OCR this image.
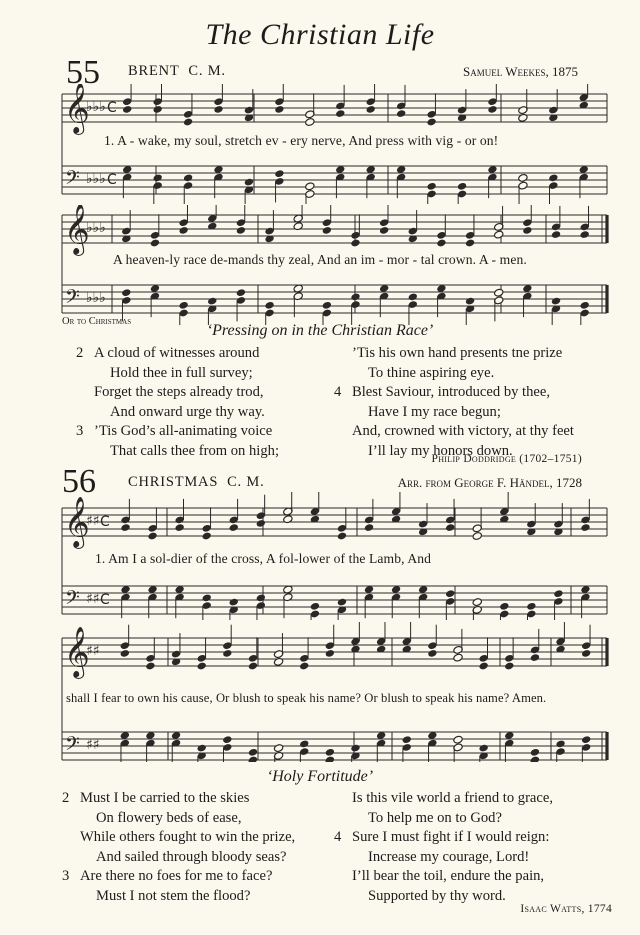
The Christian Life
55 BRENT C. M.	Samuel Weekes, 1875
𝄞
𝄢
♭♭♭
♭♭♭
C
C
1. A - wake, my soul, stretch ev - ery nerve, And press with vig - or on!
𝄞
𝄢
♭♭♭
♭♭♭
A heaven-ly race de-mands thy zeal, And an im - mor - tal crown. A - men.
Or to Christmas
‘Pressing on in the Christian Race’
2 A cloud of witnesses around
Hold thee in full survey;
Forget the steps already trod,
And onward urge thy way.
3 ’Tis God’s all-animating voice
That calls thee from on high;
’Tis his own hand presents tne prize
To thine aspiring eye.
4 Blest Saviour, introduced by thee,
Have I my race begun;
And, crowned with victory, at thy feet
I’ll lay my honors down.
Philip Doddridge (1702–1751)
56 CHRISTMAS C. M.	Arr. from George F. Händel, 1728
𝄞
𝄢
♯♯
♯♯
C
C
1. Am I a sol-dier of the cross, A fol-lower of the Lamb, And
𝄞
𝄢
♯♯
♯♯
shall I fear to own his cause, Or blush to speak his name? Or blush to speak his name? Amen.
‘Holy Fortitude’
2 Must I be carried to the skies
On flowery beds of ease,
While others fought to win the prize,
And sailed through bloody seas?
3 Are there no foes for me to face?
Must I not stem the flood?
Is this vile world a friend to grace,
To help me on to God?
4 Sure I must fight if I would reign:
Increase my courage, Lord!
I’ll bear the toil, endure the pain,
Supported by thy word.
Isaac Watts, 1774
